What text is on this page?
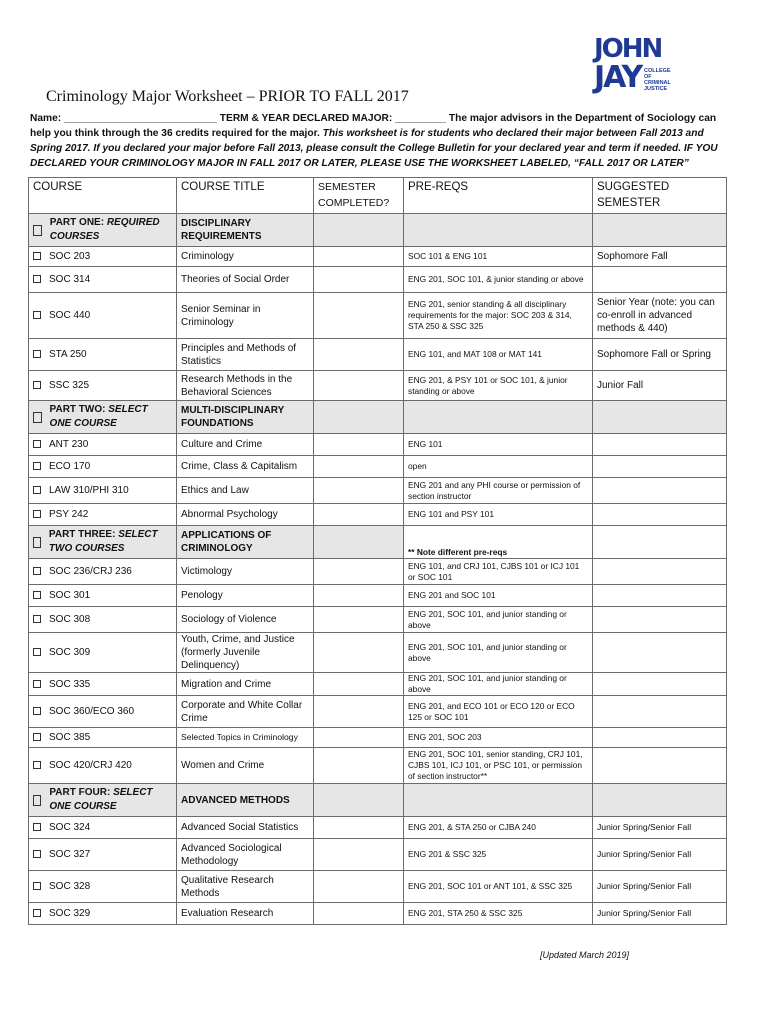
JOHN
JAY COLLEGE OF CRIMINAL JUSTICE
Criminology Major Worksheet – PRIOR TO FALL 2017
Name: ___________________________ TERM & YEAR DECLARED MAJOR: _________ The major advisors in the Department of Sociology can help you think through the 36 credits required for the major. This worksheet is for students who declared their major between Fall 2013 and Spring 2017. If you declared your major before Fall 2013, please consult the College Bulletin for your declared year and term if needed. IF YOU DECLARED YOUR CRIMINOLOGY MAJOR IN FALL 2017 OR LATER, PLEASE USE THE WORKSHEET LABELED, “FALL 2017 OR LATER”
COURSE	COURSE TITLE	SEMESTER COMPLETED?	PRE-REQS	SUGGESTED SEMESTER

PART ONE: REQUIRED COURSES	DISCIPLINARY REQUIREMENTS			
SOC 203	Criminology		SOC 101 & ENG 101	Sophomore Fall
SOC 314	Theories of Social Order		ENG 201, SOC 101, & junior standing or above	
SOC 440	Senior Seminar in Criminology		ENG 201, senior standing & all disciplinary requirements for the major: SOC 203 & 314, STA 250 & SSC 325	Senior Year (note: you can co-enroll in advanced methods & 440)
STA 250	Principles and Methods of Statistics		ENG 101, and MAT 108 or MAT 141	Sophomore Fall or Spring
SSC 325	Research Methods in the Behavioral Sciences		ENG 201, & PSY 101 or SOC 101, & junior standing or above	Junior Fall

PART TWO: SELECT ONE COURSE	MULTI-DISCIPLINARY FOUNDATIONS			
ANT 230	Culture and Crime		ENG 101	
ECO 170	Crime, Class & Capitalism		open	
LAW 310/PHI 310	Ethics and Law		ENG 201 and any PHI course or permission of section instructor	
PSY 242	Abnormal Psychology		ENG 101 and PSY 101	

PART THREE: SELECT TWO COURSES	APPLICATIONS OF CRIMINOLOGY		** Note different pre-reqs	
SOC 236/CRJ 236	Victimology		ENG 101, and CRJ 101, CJBS 101 or ICJ 101 or SOC 101	
SOC 301	Penology		ENG 201 and SOC 101	
SOC 308	Sociology of Violence		ENG 201, SOC 101, and junior standing or above	
SOC 309	Youth, Crime, and Justice (formerly Juvenile Delinquency)		ENG 201, SOC 101, and junior standing or above	
SOC 335	Migration and Crime		ENG 201, SOC 101, and junior standing or above	
SOC 360/ECO 360	Corporate and White Collar Crime		ENG 201, and ECO 101 or ECO 120 or ECO 125 or SOC 101	
SOC 385	Selected Topics in Criminology		ENG 201, SOC 203	
SOC 420/CRJ 420	Women and Crime		ENG 201, SOC 101, senior standing, CRJ 101, CJBS 101, ICJ 101, or PSC 101, or permission of section instructor**	

PART FOUR: SELECT ONE COURSE	ADVANCED METHODS			
SOC 324	Advanced Social Statistics		ENG 201, & STA 250 or CJBA 240	Junior Spring/Senior Fall
SOC 327	Advanced Sociological Methodology		ENG 201 & SSC 325	Junior Spring/Senior Fall
SOC 328	Qualitative Research Methods		ENG 201, SOC 101 or ANT 101, & SSC 325	Junior Spring/Senior Fall
SOC 329	Evaluation Research		ENG 201, STA 250 & SSC 325	Junior Spring/Senior Fall
[Updated March 2019]
